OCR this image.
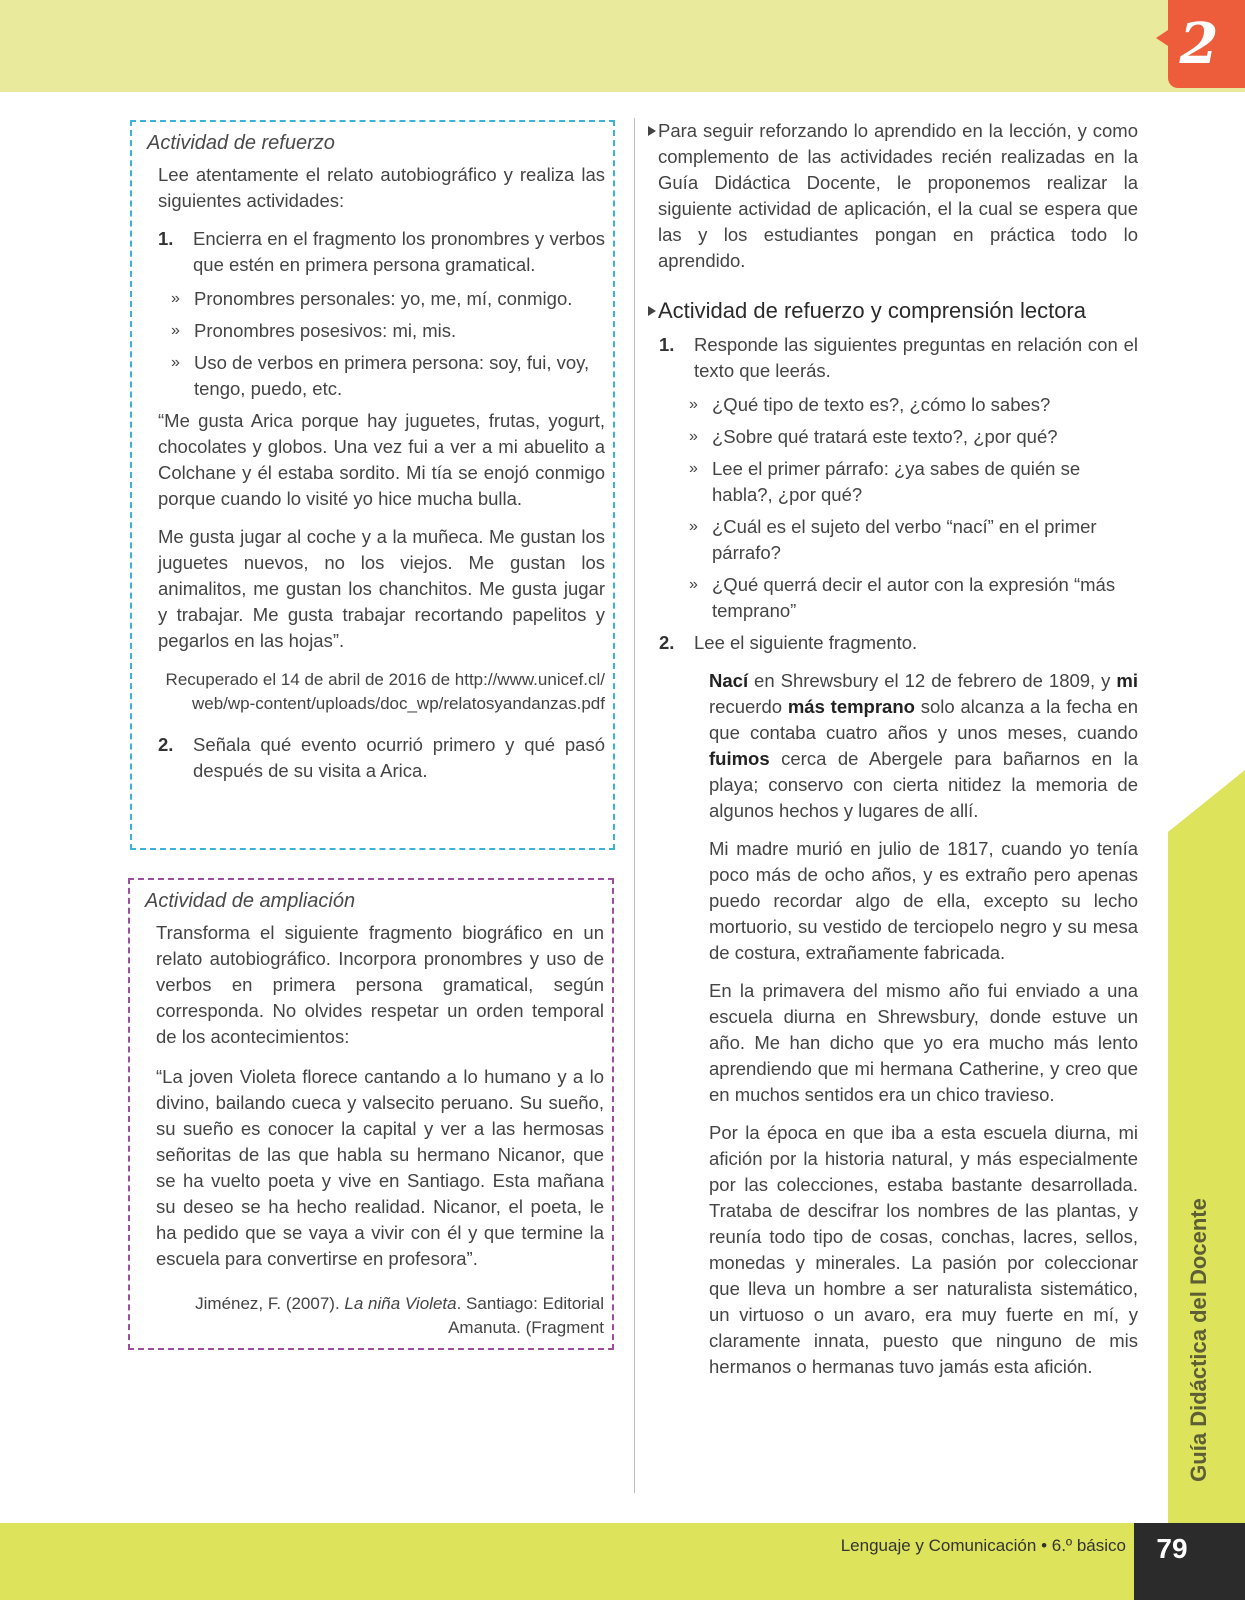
2
Guía Didáctica del Docente

Actividad de refuerzo

Lee atentamente el relato autobiográfico y realiza las siguientes actividades:

1.	Encierra en el fragmento los pronombres y verbos que estén en primera persona gramatical.
» Pronombres personales: yo, me, mí, conmigo.
» Pronombres posesivos: mi, mis.
» Uso de verbos en primera persona: soy, fui, voy, tengo, puedo, etc.

“Me gusta Arica porque hay juguetes, frutas, yogurt, chocolates y globos. Una vez fui a ver a mi abuelito a Colchane y él estaba sordito. Mi tía se enojó conmigo porque cuando lo visité yo hice mucha bulla.

Me gusta jugar al coche y a la muñeca. Me gustan los juguetes nuevos, no los viejos. Me gustan los animalitos, me gustan los chanchitos. Me gusta jugar y trabajar. Me gusta trabajar recortando papelitos y pegarlos en las hojas”.

Recuperado el 14 de abril de 2016 de http://www.unicef.cl/web/wp-content/uploads/doc_wp/relatosyandanzas.pdf

2.	Señala qué evento ocurrió primero y qué pasó después de su visita a Arica.

Actividad de ampliación

Transforma el siguiente fragmento biográfico en un relato autobiográfico. Incorpora pronombres y uso de verbos en primera persona gramatical, según corresponda. No olvides respetar un orden temporal de los acontecimientos:

“La joven Violeta florece cantando a lo humano y a lo divino, bailando cueca y valsecito peruano. Su sueño, su sueño es conocer la capital y ver a las hermosas señoritas de las que habla su hermano Nicanor, que se ha vuelto poeta y vive en Santiago. Esta mañana su deseo se ha hecho realidad. Nicanor, el poeta, le ha pedido que se vaya a vivir con él y que termine la escuela para convertirse en profesora”.

Jiménez, F. (2007). La niña Violeta. Santiago: Editorial Amanuta. (Fragment

Para seguir reforzando lo aprendido en la lección, y como complemento de las actividades recién realizadas en la Guía Didáctica Docente, le proponemos realizar la siguiente actividad de aplicación, el la cual se espera que las y los estudiantes pongan en práctica todo lo aprendido.

Actividad de refuerzo y comprensión lectora
1.	Responde las siguientes preguntas en relación con el texto que leerás.
» ¿Qué tipo de texto es?, ¿cómo lo sabes?
» ¿Sobre qué tratará este texto?, ¿por qué?
» Lee el primer párrafo: ¿ya sabes de quién se habla?, ¿por qué?
» ¿Cuál es el sujeto del verbo “nací” en el primer párrafo?
» ¿Qué querrá decir el autor con la expresión “más temprano”
2.	Lee el siguiente fragmento.

Nací en Shrewsbury el 12 de febrero de 1809, y mi recuerdo más temprano solo alcanza a la fecha en que contaba cuatro años y unos meses, cuando fuimos cerca de Abergele para bañarnos en la playa; conservo con cierta nitidez la memoria de algunos hechos y lugares de allí.

Mi madre murió en julio de 1817, cuando yo tenía poco más de ocho años, y es extraño pero apenas puedo recordar algo de ella, excepto su lecho mortuorio, su vestido de terciopelo negro y su mesa de costura, extrañamente fabricada.

En la primavera del mismo año fui enviado a una escuela diurna en Shrewsbury, donde estuve un año. Me han dicho que yo era mucho más lento aprendiendo que mi hermana Catherine, y creo que en muchos sentidos era un chico travieso.

Por la época en que iba a esta escuela diurna, mi afición por la historia natural, y más especialmente por las colecciones, estaba bastante desarrollada. Trataba de descifrar los nombres de las plantas, y reunía todo tipo de cosas, conchas, lacres, sellos, monedas y minerales. La pasión por coleccionar que lleva un hombre a ser naturalista sistemático, un virtuoso o un avaro, era muy fuerte en mí, y claramente innata, puesto que ninguno de mis hermanos o hermanas tuvo jamás esta afición.

Lenguaje y Comunicación • 6.º básico	79
